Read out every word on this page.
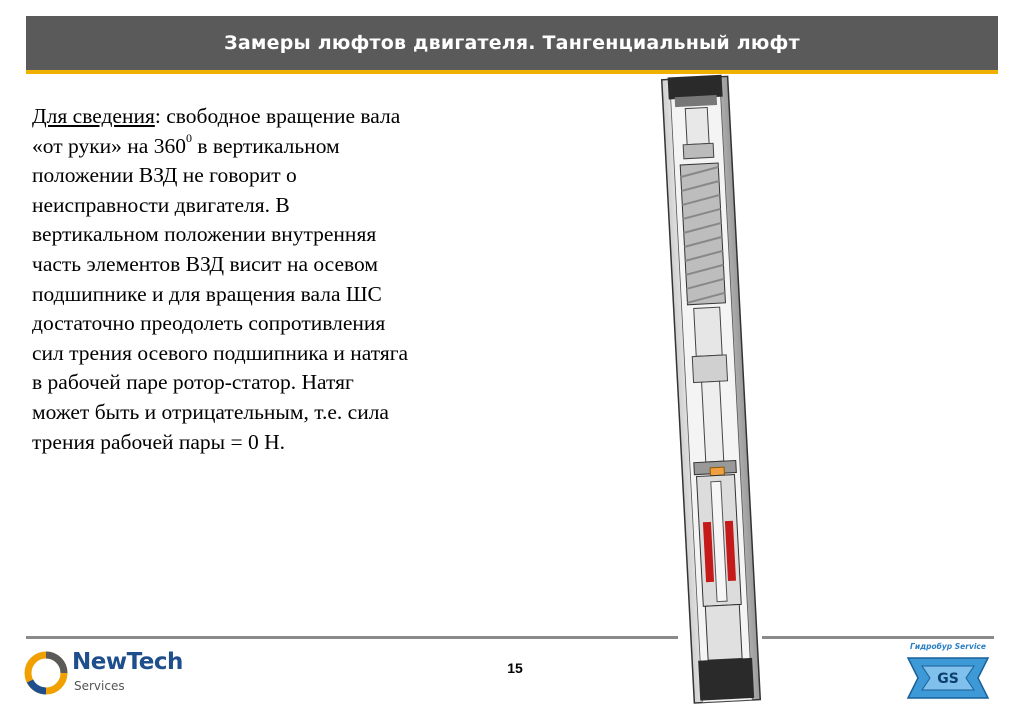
Замеры люфтов двигателя. Тангенциальный люфт
Для сведения: свободное вращение вала
«от руки» на $360^0$ в вертикальном
положении ВЗД не говорит о
неисправности двигателя. В
вертикальном положении внутренняя
часть элементов ВЗД висит на осевом
подшипнике и для вращения вала ШС
достаточно преодолеть сопротивления
сил трения осевого подшипника и натяга
в рабочей паре ротор-статор. Натяг
может быть и отрицательным, т.е. сила
трения рабочей пары = 0 Н.
NewTech
Services
15
Гидробур Service
GS
